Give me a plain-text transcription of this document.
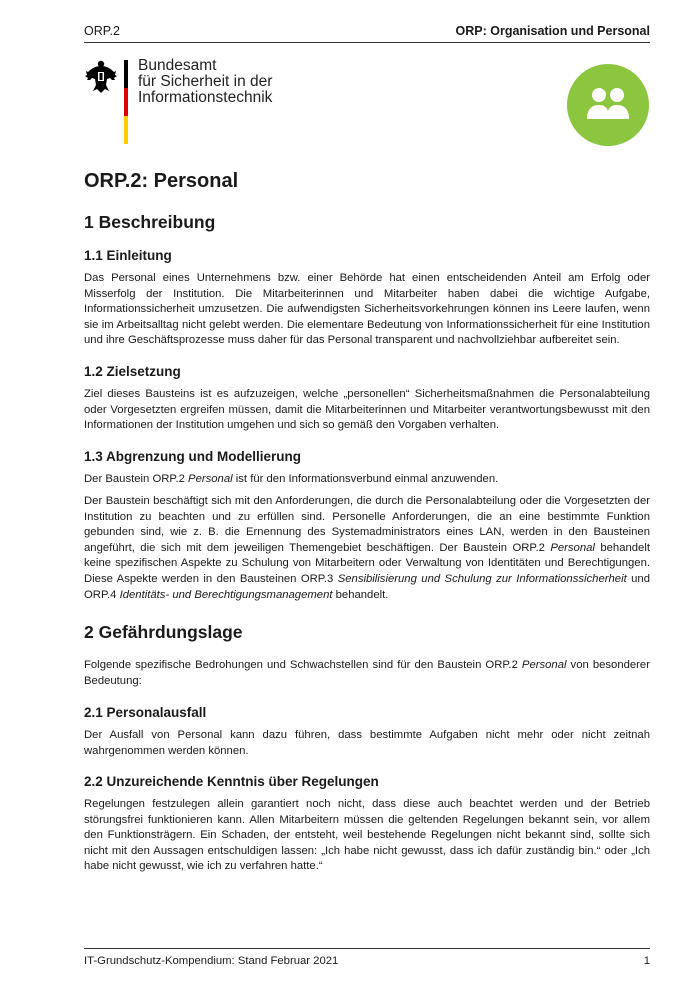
ORP.2	ORP: Organisation und Personal
Bundesamt
für Sicherheit in der
Informationstechnik
ORP.2: Personal
1 Beschreibung
1.1 Einleitung

Das Personal eines Unternehmens bzw. einer Behörde hat einen entscheidenden Anteil am Erfolg oder Misserfolg der Institution. Die Mitarbeiterinnen und Mitarbeiter haben dabei die wichtige Aufgabe, Informationssicherheit umzusetzen. Die aufwendigsten Sicherheitsvorkehrungen können ins Leere laufen, wenn sie im Arbeitsalltag nicht gelebt werden. Die elementare Bedeutung von Informationssicherheit für eine Institution und ihre Geschäftsprozesse muss daher für das Personal transparent und nachvollziehbar aufbereitet sein.

1.2 Zielsetzung

Ziel dieses Bausteins ist es aufzuzeigen, welche „personellen“ Sicherheitsmaßnahmen die Personalabteilung oder Vorgesetzten ergreifen müssen, damit die Mitarbeiterinnen und Mitarbeiter verantwortungsbewusst mit den Informationen der Institution umgehen und sich so gemäß den Vorgaben verhalten.

1.3 Abgrenzung und Modellierung

Der Baustein ORP.2 Personal ist für den Informationsverbund einmal anzuwenden.

Der Baustein beschäftigt sich mit den Anforderungen, die durch die Personalabteilung oder die Vorgesetzten der Institution zu beachten und zu erfüllen sind. Personelle Anforderungen, die an eine bestimmte Funktion gebunden sind, wie z. B. die Ernennung des Systemadministrators eines LAN, werden in den Bausteinen angeführt, die sich mit dem jeweiligen Themengebiet beschäftigen. Der Baustein ORP.2 Personal behandelt keine spezifischen Aspekte zu Schulung von Mitarbeitern oder Verwaltung von Identitäten und Berechtigungen. Diese Aspekte werden in den Bausteinen ORP.3 Sensibilisierung und Schulung zur Informationssicherheit und ORP.4 Identitäts- und Berechtigungsmanagement behandelt.

2 Gefährdungslage

Folgende spezifische Bedrohungen und Schwachstellen sind für den Baustein ORP.2 Personal von besonderer Bedeutung:

2.1 Personalausfall

Der Ausfall von Personal kann dazu führen, dass bestimmte Aufgaben nicht mehr oder nicht zeitnah wahrgenommen werden können.

2.2 Unzureichende Kenntnis über Regelungen

Regelungen festzulegen allein garantiert noch nicht, dass diese auch beachtet werden und der Betrieb störungsfrei funktionieren kann. Allen Mitarbeitern müssen die geltenden Regelungen bekannt sein, vor allem den Funktionsträgern. Ein Schaden, der entsteht, weil bestehende Regelungen nicht bekannt sind, sollte sich nicht mit den Aussagen entschuldigen lassen: „Ich habe nicht gewusst, dass ich dafür zuständig bin.“ oder „Ich habe nicht gewusst, wie ich zu verfahren hatte.“

IT-Grundschutz-Kompendium: Stand Februar 2021	1
